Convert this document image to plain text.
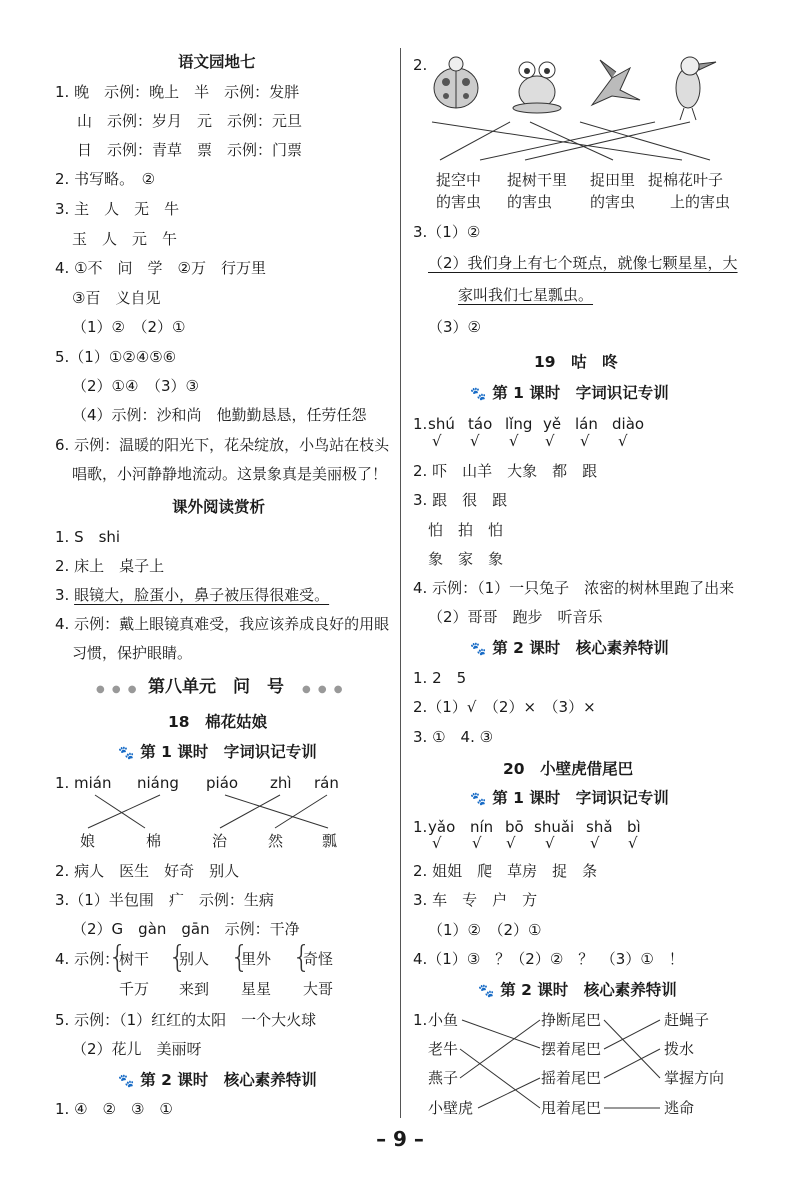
语文园地七
1. 晚　示例：晚上　半　示例：发胖
山　示例：岁月　元　示例：元旦
日　示例：青草　票　示例：门票
2. 书写略。　②
3. 主　人　无　牛
玉　人　元　午
4. ①不　问　学　②万　行万里
③百　义自见
（1）②　（2）①
5.（1）①②④⑤⑥
（2）①④　（3）③
（4）示例：沙和尚　他勤勤恳恳，任劳任怨
6. 示例：温暖的阳光下，花朵绽放，小鸟站在枝头
唱歌，小河静静地流动。这景象真是美丽极了！
课外阅读赏析
1. S　shi
2. 床上　桌子上
3. 眼镜大，脸蛋小，鼻子被压得很难受。
4. 示例：戴上眼镜真难受，我应该养成良好的用眼
习惯，保护眼睛。
● ● ● 第八单元　问　号 ● ● ●
18　棉花姑娘
🐾 第 1 课时　字词识记专训
1. mián niáng piáo zhì rán
娘	棉	治	然	瓢
2. 病人　医生　好奇　别人
3.（1）半包围　疒　示例：生病
（2）G　gàn　gān　示例：干净
4. 示例：
{
树干
千万
{
别人
来到
{
里外
星星
{
奇怪
大哥
5. 示例：（1）红红的太阳　一个大火球
（2）花儿　美丽呀
🐾 第 2 课时　核心素养特训
1. ④　②　③　①
2.
捉空中
的害虫
捉树干里
的害虫
捉田里
的害虫
捉棉花叶子
上的害虫
3.（1）②
（2）我们身上有七个斑点，就像七颗星星，大
家叫我们七星瓢虫。
（3）②
19　咕　咚
🐾 第 1 课时　字词识记专训
1. shú táo lǐng yě lán diào
√ √ √ √ √ √
2. 吓　山羊　大象　都　跟
3. 跟　很　跟
怕　拍　怕
象　家　象
4. 示例：（1）一只兔子　浓密的树林里跑了出来
（2）哥哥　跑步　听音乐
🐾 第 2 课时　核心素养特训
1. 2　5
2.（1）√　（2）×　（3）×
3. ①　4. ③
20　小壁虎借尾巴
🐾 第 1 课时　字词识记专训
1. yǎo nín bō shuǎi shǎ bì
√ √ √ √ √ √
2. 姐姐　爬　草房　捉　条
3. 车　专　户　方
（1）②　（2）①
4.（1）③　？（2）②　？　（3）①　！
🐾 第 2 课时　核心素养特训
1. 小鱼
老牛
燕子
小壁虎
挣断尾巴
摆着尾巴
摇着尾巴
甩着尾巴
赶蝇子
拨水
掌握方向
逃命
– 9 –
